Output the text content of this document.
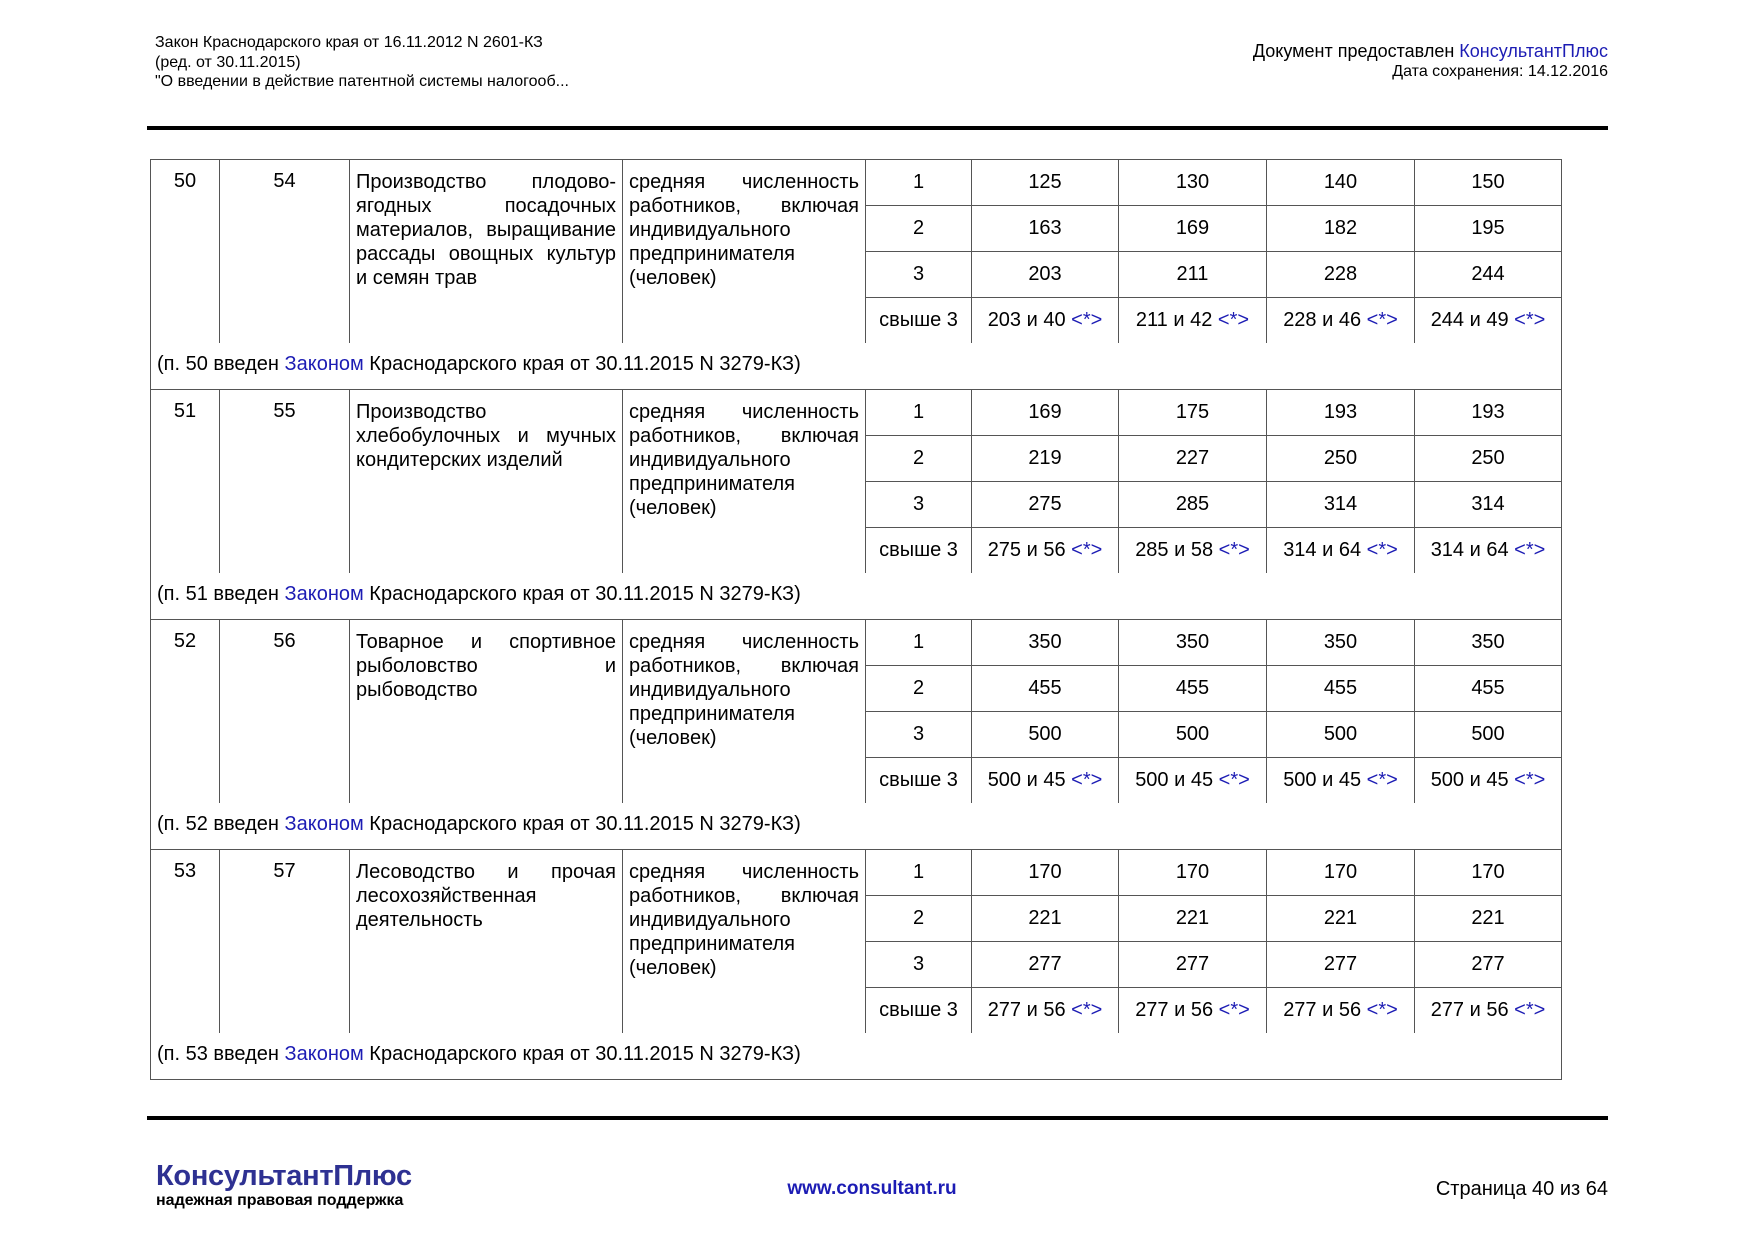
Закон Краснодарского края от 16.11.2012 N 2601-КЗ
(ред. от 30.11.2015)
"О введении в действие патентной системы налогооб...
Документ предоставлен КонсультантПлюс
Дата сохранения: 14.12.2016
50	54	Производство плодово-ягодных посадочных материалов, выращивание рассады овощных культур и семян трав	средняя численность работников, включая индивидуального предпринимателя (человек)	1	125	130	140	150
				2	163	169	182	195
				3	203	211	228	244
				свыше 3	203 и 40 <*>	211 и 42 <*>	228 и 46 <*>	244 и 49 <*>
(п. 50 введен Законом Краснодарского края от 30.11.2015 N 3279-КЗ)								
51	55	Производство хлебобулочных и мучных кондитерских изделий	средняя численность работников, включая индивидуального предпринимателя (человек)	1	169	175	193	193
				2	219	227	250	250
				3	275	285	314	314
				свыше 3	275 и 56 <*>	285 и 58 <*>	314 и 64 <*>	314 и 64 <*>
(п. 51 введен Законом Краснодарского края от 30.11.2015 N 3279-КЗ)								
52	56	Товарное и спортивное рыболовство и рыбоводство	средняя численность работников, включая индивидуального предпринимателя (человек)	1	350	350	350	350
				2	455	455	455	455
				3	500	500	500	500
				свыше 3	500 и 45 <*>	500 и 45 <*>	500 и 45 <*>	500 и 45 <*>
(п. 52 введен Законом Краснодарского края от 30.11.2015 N 3279-КЗ)								
53	57	Лесоводство и прочая лесохозяйственная деятельность	средняя численность работников, включая индивидуального предпринимателя (человек)	1	170	170	170	170
				2	221	221	221	221
				3	277	277	277	277
				свыше 3	277 и 56 <*>	277 и 56 <*>	277 и 56 <*>	277 и 56 <*>
(п. 53 введен Законом Краснодарского края от 30.11.2015 N 3279-КЗ)								
КонсультантПлюс
надежная правовая поддержка
www.consultant.ru	Страница 40 из 64
